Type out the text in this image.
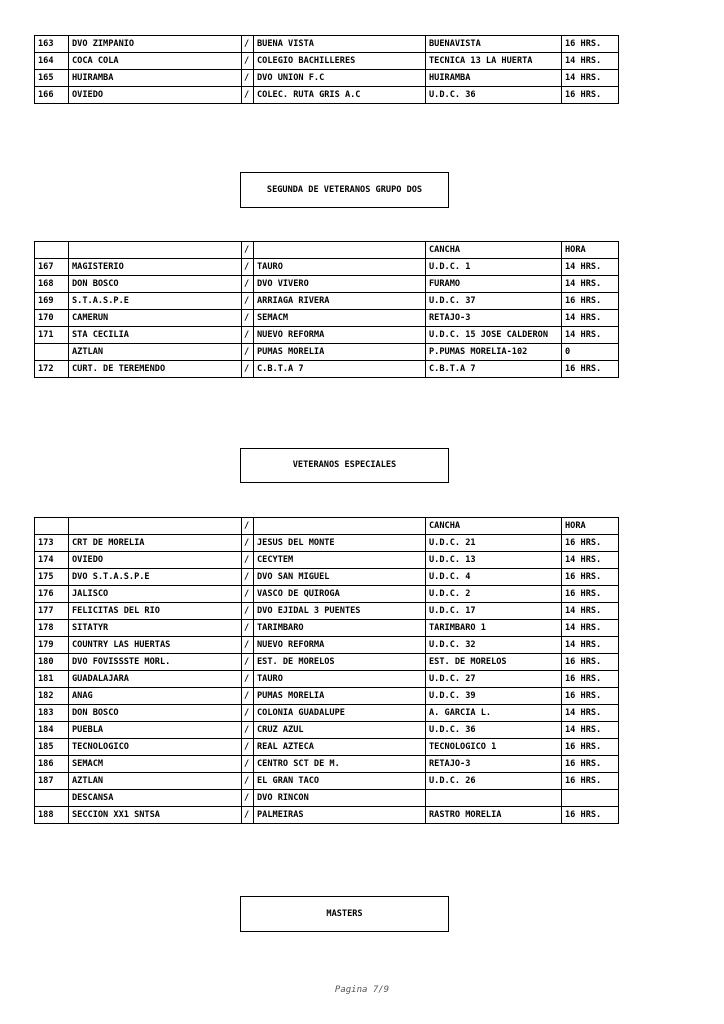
163	DVO ZIMPANIO	/	BUENA VISTA	BUENAVISTA	16 HRS.
164	COCA COLA	/	COLEGIO BACHILLERES	TECNICA 13 LA HUERTA	14 HRS.
165	HUIRAMBA	/	DVO UNION F.C	HUIRAMBA	14 HRS.
166	OVIEDO	/	COLEC. RUTA GRIS A.C	U.D.C. 36	16 HRS.
SEGUNDA DE VETERANOS GRUPO DOS
		/		CANCHA	HORA
167	MAGISTERIO	/	TAURO	U.D.C. 1	14 HRS.
168	DON BOSCO	/	DVO VIVERO	FURAMO	14 HRS.
169	S.T.A.S.P.E	/	ARRIAGA RIVERA	U.D.C. 37	16 HRS.
170	CAMERUN	/	SEMACM	RETAJO-3	14 HRS.
171	STA CECILIA	/	NUEVO REFORMA	U.D.C. 15 JOSE CALDERON	14 HRS.
	AZTLAN	/	PUMAS MORELIA	P.PUMAS MORELIA-102	0
172	CURT. DE TEREMENDO	/	C.B.T.A 7	C.B.T.A 7	16 HRS.
VETERANOS ESPECIALES
		/		CANCHA	HORA
173	CRT DE MORELIA	/	JESUS DEL MONTE	U.D.C. 21	16 HRS.
174	OVIEDO	/	CECYTEM	U.D.C. 13	14 HRS.
175	DVO S.T.A.S.P.E	/	DVO SAN MIGUEL	U.D.C. 4	16 HRS.
176	JALISCO	/	VASCO DE QUIROGA	U.D.C. 2	16 HRS.
177	FELICITAS DEL RIO	/	DVO EJIDAL 3 PUENTES	U.D.C. 17	14 HRS.
178	SITATYR	/	TARIMBARO	TARIMBARO 1	14 HRS.
179	COUNTRY LAS HUERTAS	/	NUEVO REFORMA	U.D.C. 32	14 HRS.
180	DVO FOVISSSTE MORL.	/	EST. DE MORELOS	EST. DE MORELOS	16 HRS.
181	GUADALAJARA	/	TAURO	U.D.C. 27	16 HRS.
182	ANAG	/	PUMAS MORELIA	U.D.C. 39	16 HRS.
183	DON BOSCO	/	COLONIA GUADALUPE	A. GARCIA L.	14 HRS.
184	PUEBLA	/	CRUZ AZUL	U.D.C. 36	14 HRS.
185	TECNOLOGICO	/	REAL AZTECA	TECNOLOGICO 1	16 HRS.
186	SEMACM	/	CENTRO SCT DE M.	RETAJO-3	16 HRS.
187	AZTLAN	/	EL GRAN TACO	U.D.C. 26	16 HRS.
	DESCANSA	/	DVO RINCON		
188	SECCION XX1 SNTSA	/	PALMEIRAS	RASTRO MORELIA	16 HRS.
MASTERS
Pagina 7/9
